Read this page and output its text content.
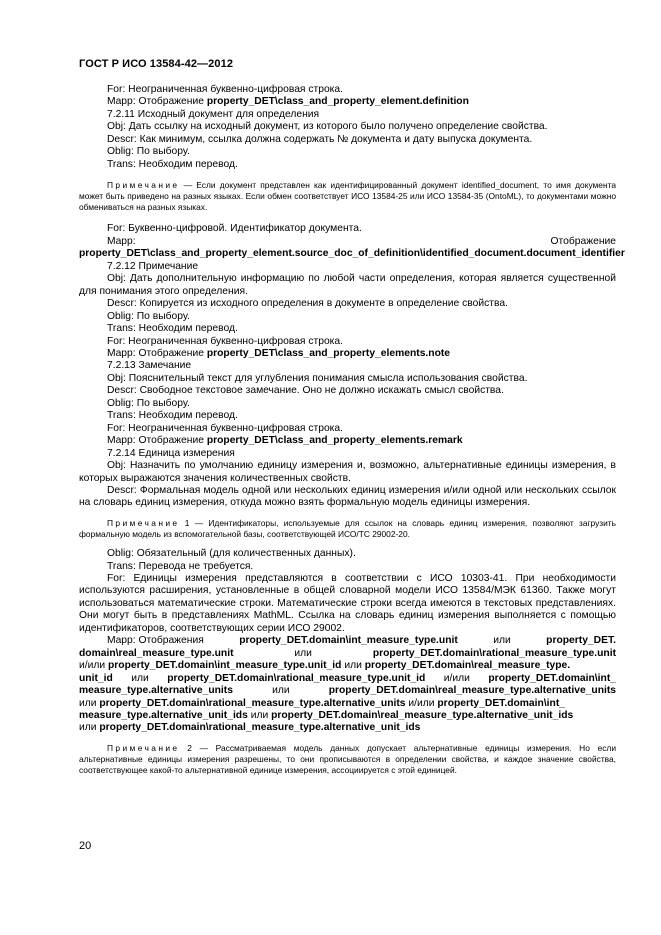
ГОСТ Р ИСО 13584-42—2012

For: Неограниченная буквенно-цифровая строка.

Mapp: Отображение property_DET\class_and_property_element.definition

7.2.11 Исходный документ для определения

Obj: Дать ссылку на исходный документ, из которого было получено определение свойства.

Descr: Как минимум, ссылка должна содержать № документа и дату выпуска документа.

Oblig: По выбору.

Trans: Необходим перевод.

Примечание — Если документ представлен как идентифицированный документ identified_document, то имя документа может быть приведено на разных языках. Если обмен соответствует ИСО 13584-25 или ИСО 13584-35 (OntoML), то документами можно обмениваться на разных языках.

For: Буквенно-цифровой. Идентификатор документа.

Mapp: Отображение property_DET\class_and_property_element.source_doc_of_definition\identified_document.document_identifier

7.2.12 Примечание

Obj: Дать дополнительную информацию по любой части определения, которая является существенной для понимания этого определения.

Descr: Копируется из исходного определения в документе в определение свойства.

Oblig: По выбору.

Trans: Необходим перевод.

For: Неограниченная буквенно-цифровая строка.

Mapp: Отображение property_DET\class_and_property_elements.note

7.2.13 Замечание

Obj: Пояснительный текст для углубления понимания смысла использования свойства.

Descr: Свободное текстовое замечание. Оно не должно искажать смысл свойства.

Oblig: По выбору.

Trans: Необходим перевод.

For: Неограниченная буквенно-цифровая строка.

Mapp: Отображение property_DET\class_and_property_elements.remark

7.2.14 Единица измерения

Obj: Назначить по умолчанию единицу измерения и, возможно, альтернативные единицы измерения, в которых выражаются значения количественных свойств.

Descr: Формальная модель одной или нескольких единиц измерения и/или одной или нескольких ссылок на словарь единиц измерения, откуда можно взять формальную модель единицы измерения.

Примечание 1 — Идентификаторы, используемые для ссылок на словарь единиц измерения, позволяют загрузить формальную модель из вспомогательной базы, соответствующей ИСО/ТС 29002-20.

Oblig: Обязательный (для количественных данных).

Trans: Перевода не требуется.

For: Единицы измерения представляются в соответствии с ИСО 10303-41. При необходимости используются расширения, установленные в общей словарной модели ИСО 13584/МЭК 61360. Также могут использоваться математические строки. Математические строки всегда имеются в текстовых представлениях. Они могут быть в представлениях MathML. Ссылка на словарь единиц измерения выполняется с помощью идентификаторов, соответствующих серии ИСО 29002.

Mapp: Отображения	property_DET.domain\int_measure_type.unit	или	property_DET.
domain\real_measure_type.unit	или	property_DET.domain\rational_measure_type.unit

и/или property_DET.domain\int_measure_type.unit_id или property_DET.domain\real_measure_type.

unit_id или property_DET.domain\rational_measure_type.unit_id и/или property_DET.domain\int_
measure_type.alternative_units	или	property_DET.domain\real_measure_type.alternative_units

или property_DET.domain\rational_measure_type.alternative_units и/или property_DET.domain\int_

measure_type.alternative_unit_ids или property_DET.domain\real_measure_type.alternative_unit_ids

или property_DET.domain\rational_measure_type.alternative_unit_ids

Примечание 2 — Рассматриваемая модель данных допускает альтернативные единицы измерения. Но если альтернативные единицы измерения разрешены, то они прописываются в определении свойства, и каждое значение свойства, соответствующее какой-то альтернативной единице измерения, ассоциируется с этой единицей.

20
